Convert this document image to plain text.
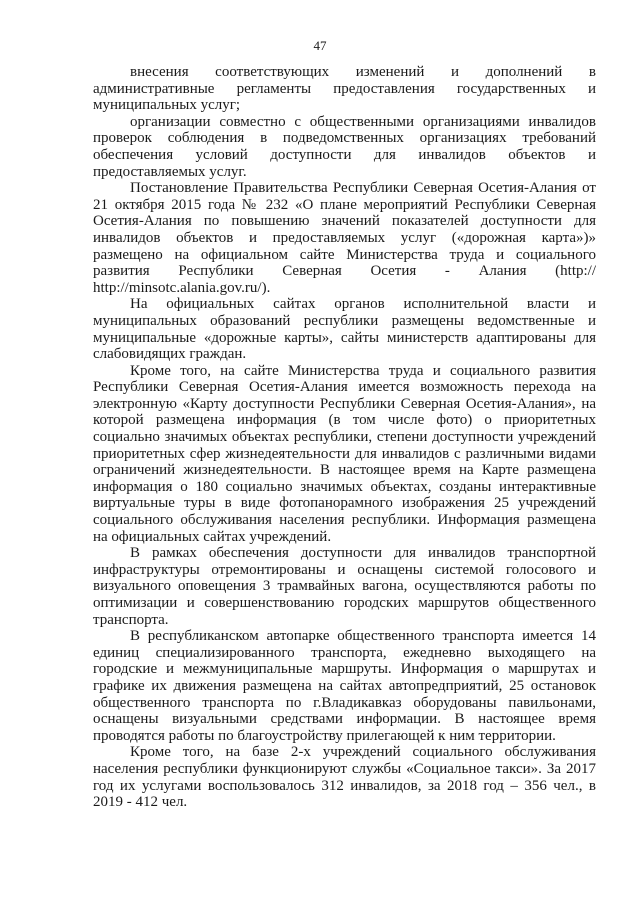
47

внесения соответствующих изменений и дополнений в административные регламенты предоставления государственных и муниципальных услуг;

организации совместно с общественными организациями инвалидов проверок соблюдения в подведомственных организациях требований обеспечения условий доступности для инвалидов объектов и предоставляемых услуг.

Постановление Правительства Республики Северная Осетия-Алания от 21 октября 2015 года № 232 «О плане мероприятий Республики Северная Осетия-Алания по повышению значений показателей доступности для инвалидов объектов и предоставляемых услуг («дорожная карта»)» размещено на официальном сайте Министерства труда и социального развития Республики Северная Осетия - Алания (http:// http://minsotc.alania.gov.ru/).

На официальных сайтах органов исполнительной власти и муниципальных образований республики размещены ведомственные и муниципальные «дорожные карты», сайты министерств адаптированы для слабовидящих граждан.

Кроме того, на сайте Министерства труда и социального развития Республики Северная Осетия-Алания имеется возможность перехода на электронную «Карту доступности Республики Северная Осетия-Алания», на которой размещена информация (в том числе фото) о приоритетных социально значимых объектах республики, степени доступности учреждений приоритетных сфер жизнедеятельности для инвалидов с различными видами ограничений жизнедеятельности. В настоящее время на Карте размещена информация о 180 социально значимых объектах, созданы интерактивные виртуальные туры в виде фотопанорамного изображения 25 учреждений социального обслуживания населения республики. Информация размещена на официальных сайтах учреждений.

В рамках обеспечения доступности для инвалидов транспортной инфраструктуры отремонтированы и оснащены системой голосового и визуального оповещения 3 трамвайных вагона, осуществляются работы по оптимизации и совершенствованию городских маршрутов общественного транспорта.

В республиканском автопарке общественного транспорта имеется 14 единиц специализированного транспорта, ежедневно выходящего на городские и межмуниципальные маршруты. Информация о маршрутах и графике их движения размещена на сайтах автопредприятий, 25 остановок общественного транспорта по г.Владикавказ оборудованы павильонами, оснащены визуальными средствами информации. В настоящее время проводятся работы по благоустройству прилегающей к ним территории.

Кроме того, на базе 2-х учреждений социального обслуживания населения республики функционируют службы «Социальное такси». За 2017 год их услугами воспользовалось 312 инвалидов, за 2018 год – 356 чел., в 2019 - 412 чел.
